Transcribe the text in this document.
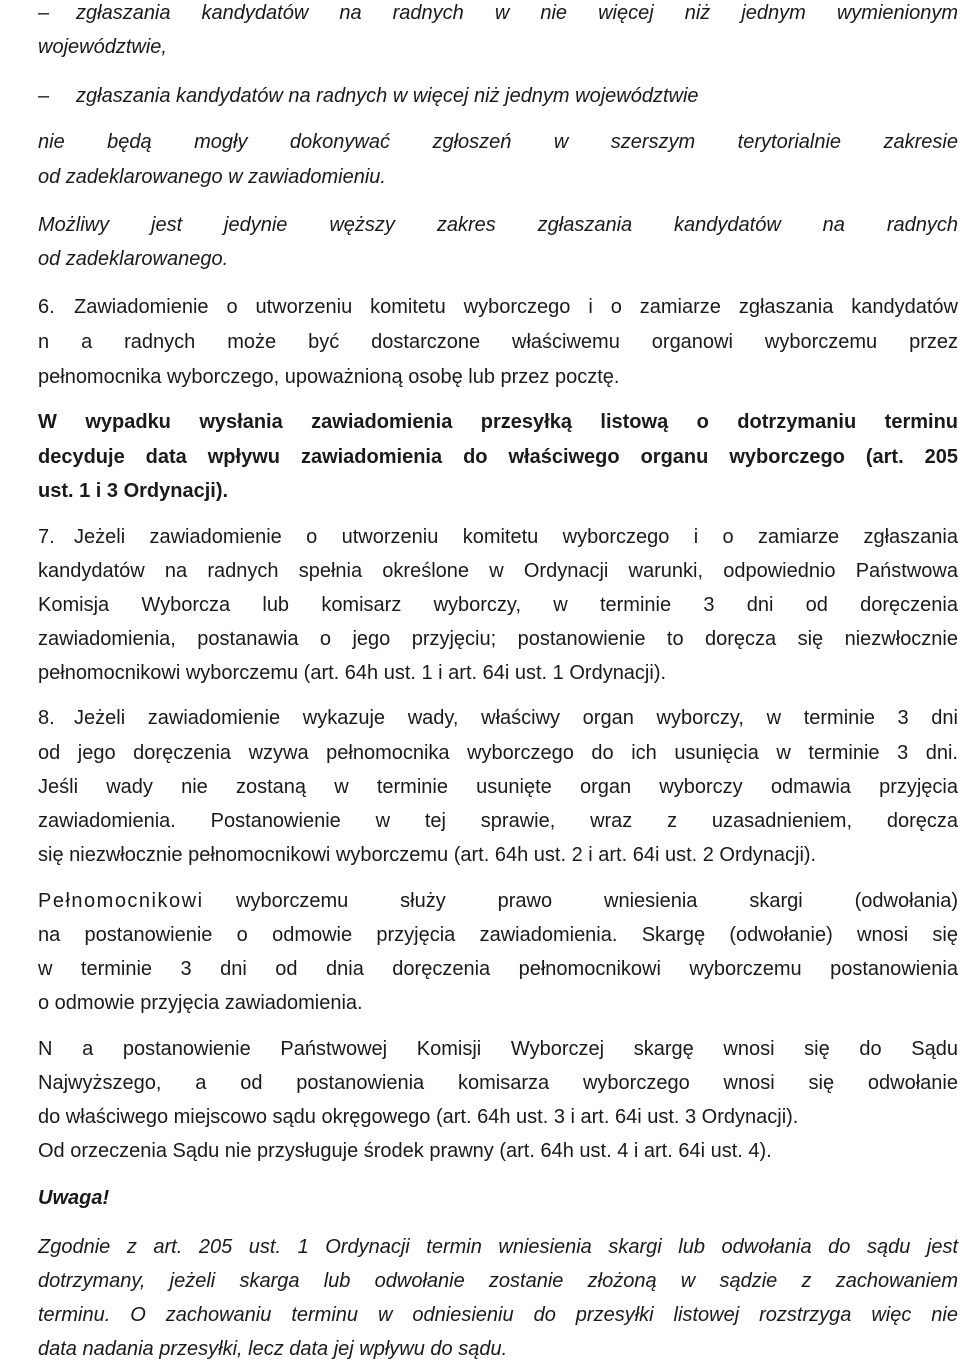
–	zgłaszania kandydatów na radnych w nie więcej niż jednym wymienionym
województwie,
–	zgłaszania kandydatów na radnych w więcej niż jednym województwie
nie będą mogły dokonywać zgłoszeń w szerszym terytorialnie zakresie
od zadeklarowanego w zawiadomieniu.
Możliwy jest jedynie węższy zakres zgłaszania kandydatów na radnych
od zadeklarowanego.
6. Zawiadomienie o utworzeniu komitetu wyborczego i o zamiarze zgłaszania kandydatów
n a radnych może być dostarczone właściwemu organowi wyborczemu przez
pełnomocnika wyborczego, upoważnioną osobę lub przez pocztę.
W wypadku wysłania zawiadomienia przesyłką listową o dotrzymaniu terminu
decyduje data wpływu zawiadomienia do właściwego organu wyborczego (art. 205
ust. 1 i 3 Ordynacji).
7. Jeżeli zawiadomienie o utworzeniu komitetu wyborczego i o zamiarze zgłaszania
kandydatów na radnych spełnia określone w Ordynacji warunki, odpowiednio Państwowa
Komisja Wyborcza lub komisarz wyborczy, w terminie 3 dni od doręczenia
zawiadomienia, postanawia o jego przyjęciu; postanowienie to doręcza się niezwłocznie
pełnomocnikowi wyborczemu (art. 64h ust. 1 i art. 64i ust. 1 Ordynacji).
8. Jeżeli zawiadomienie wykazuje wady, właściwy organ wyborczy, w terminie 3 dni
od jego doręczenia wzywa pełnomocnika wyborczego do ich usunięcia w terminie 3 dni.
Jeśli wady nie zostaną w terminie usunięte organ wyborczy odmawia przyjęcia
zawiadomienia. Postanowienie w tej sprawie, wraz z uzasadnieniem, doręcza
się niezwłocznie pełnomocnikowi wyborczemu (art. 64h ust. 2 i art. 64i ust. 2 Ordynacji).
Pełnomocnikowi wyborczemu służy prawo wniesienia skargi (odwołania)
na postanowienie o odmowie przyjęcia zawiadomienia. Skargę (odwołanie) wnosi się
w terminie 3 dni od dnia doręczenia pełnomocnikowi wyborczemu postanowienia
o odmowie przyjęcia zawiadomienia.
N a postanowienie Państwowej Komisji Wyborczej skargę wnosi się do Sądu
Najwyższego, a od postanowienia komisarza wyborczego wnosi się odwołanie
do właściwego miejscowo sądu okręgowego (art. 64h ust. 3 i art. 64i ust. 3 Ordynacji).
Od orzeczenia Sądu nie przysługuje środek prawny (art. 64h ust. 4 i art. 64i ust. 4).
Uwaga!
Zgodnie z art. 205 ust. 1 Ordynacji termin wniesienia skargi lub odwołania do sądu jest
dotrzymany, jeżeli skarga lub odwołanie zostanie złożoną w sądzie z zachowaniem
terminu. O zachowaniu terminu w odniesieniu do przesyłki listowej rozstrzyga więc nie
data nadania przesyłki, lecz data jej wpływu do sądu.
